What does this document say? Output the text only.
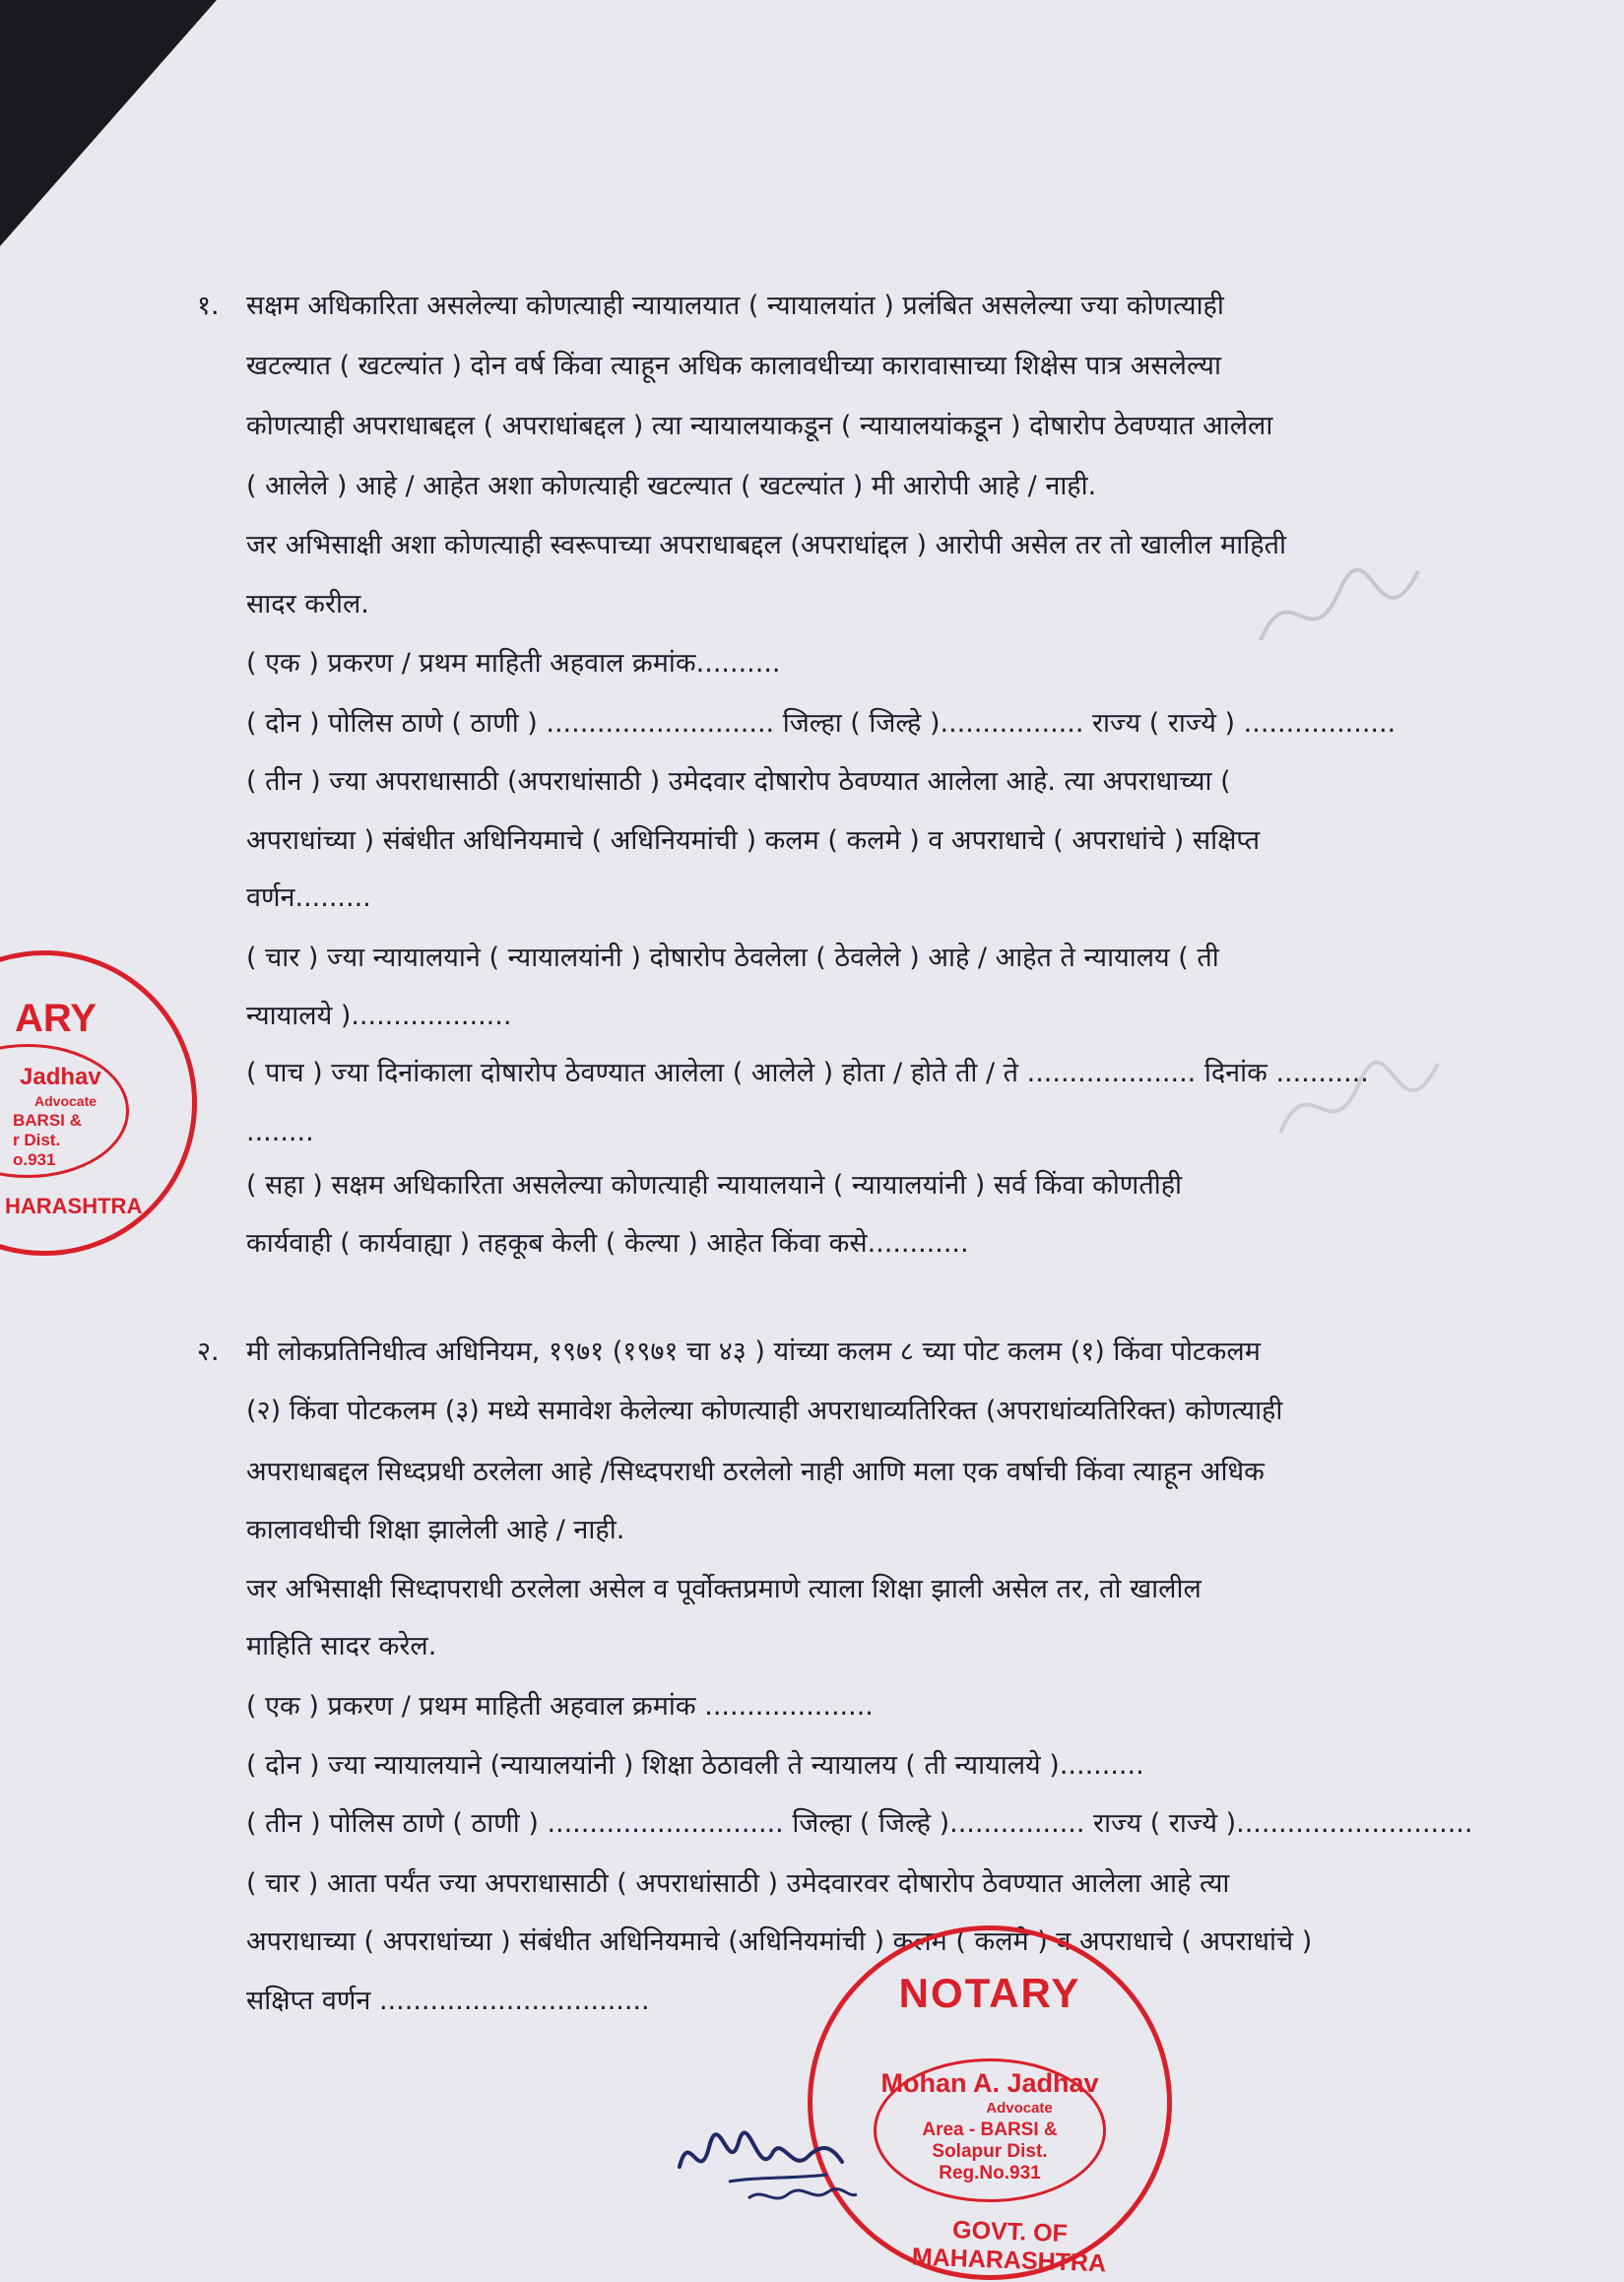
१. सक्षम अधिकारिता असलेल्या कोणत्याही न्यायालयात ( न्यायालयांत ) प्रलंबित असलेल्या ज्या कोणत्याही
खटल्यात ( खटल्यांत ) दोन वर्ष किंवा त्याहून अधिक कालावधीच्या कारावासाच्या शिक्षेस पात्र असलेल्या
कोणत्याही अपराधाबद्दल ( अपराधांबद्दल ) त्या न्यायालयाकडून ( न्यायालयांकडून ) दोषारोप ठेवण्यात आलेला
( आलेले ) आहे / आहेत अशा कोणत्याही खटल्यात ( खटल्यांत ) मी आरोपी आहे / नाही.
जर अभिसाक्षी अशा कोणत्याही स्वरूपाच्या अपराधाबद्दल (अपराधांद्दल ) आरोपी असेल तर तो खालील माहिती
सादर करील.
( एक ) प्रकरण / प्रथम माहिती अहवाल क्रमांक..........
( दोन ) पोलिस ठाणे ( ठाणी ) ........................... जिल्हा ( जिल्हे )................. राज्य ( राज्ये ) ..................
( तीन ) ज्या अपराधासाठी (अपराधांसाठी ) उमेदवार दोषारोप ठेवण्यात आलेला आहे. त्या अपराधाच्या (
अपराधांच्या ) संबंधीत अधिनियमाचे ( अधिनियमांची ) कलम ( कलमे ) व अपराधाचे ( अपराधांचे ) सक्षिप्त
वर्णन.........
( चार ) ज्या न्यायालयाने ( न्यायालयांनी ) दोषारोप ठेवलेला ( ठेवलेले ) आहे / आहेत ते न्यायालय ( ती
न्यायालये )...................
( पाच ) ज्या दिनांकाला दोषारोप ठेवण्यात आलेला ( आलेले ) होता / होते ती / ते .................... दिनांक ...........
........
( सहा ) सक्षम अधिकारिता असलेल्या कोणत्याही न्यायालयाने ( न्यायालयांनी ) सर्व किंवा कोणतीही
कार्यवाही ( कार्यवाह्या ) तहकूब केली ( केल्या ) आहेत किंवा कसे............
२. मी लोकप्रतिनिधीत्व अधिनियम, १९७१ (१९७१ चा ४३ ) यांच्या कलम ८ च्या पोट कलम (१) किंवा पोटकलम
(२) किंवा पोटकलम (३) मध्ये समावेश केलेल्या कोणत्याही अपराधाव्यतिरिक्त (अपराधांव्यतिरिक्त) कोणत्याही
अपराधाबद्दल सिध्दप्रधी ठरलेला आहे /सिध्दपराधी ठरलेलो नाही आणि मला एक वर्षाची किंवा त्याहून अधिक
कालावधीची शिक्षा झालेली आहे / नाही.
जर अभिसाक्षी सिध्दापराधी ठरलेला असेल व पूर्वोक्तप्रमाणे त्याला शिक्षा झाली असेल तर, तो खालील
माहिति सादर करेल.
( एक ) प्रकरण / प्रथम माहिती अहवाल क्रमांक ....................
( दोन ) ज्या न्यायालयाने (न्यायालयांनी ) शिक्षा ठेठावली ते न्यायालय ( ती न्यायालये )..........
( तीन ) पोलिस ठाणे ( ठाणी ) ............................ जिल्हा ( जिल्हे )................ राज्य ( राज्ये )............................
( चार ) आता पर्यंत ज्या अपराधासाठी ( अपराधांसाठी ) उमेदवारवर दोषारोप ठेवण्यात आलेला आहे त्या
अपराधाच्या ( अपराधांच्या ) संबंधीत अधिनियमाचे (अधिनियमांची ) कलम ( कलमे ) व अपराधाचे ( अपराधांचे )
सक्षिप्त वर्णन ................................
ARY
Jadhav
Advocate
BARSI &
r Dist.
o.931
HARASHTRA
NOTARY
Mohan A. Jadhav
Advocate
Area - BARSI &
Solapur Dist.
Reg.No.931
GOVT. OF MAHARASHTRA
